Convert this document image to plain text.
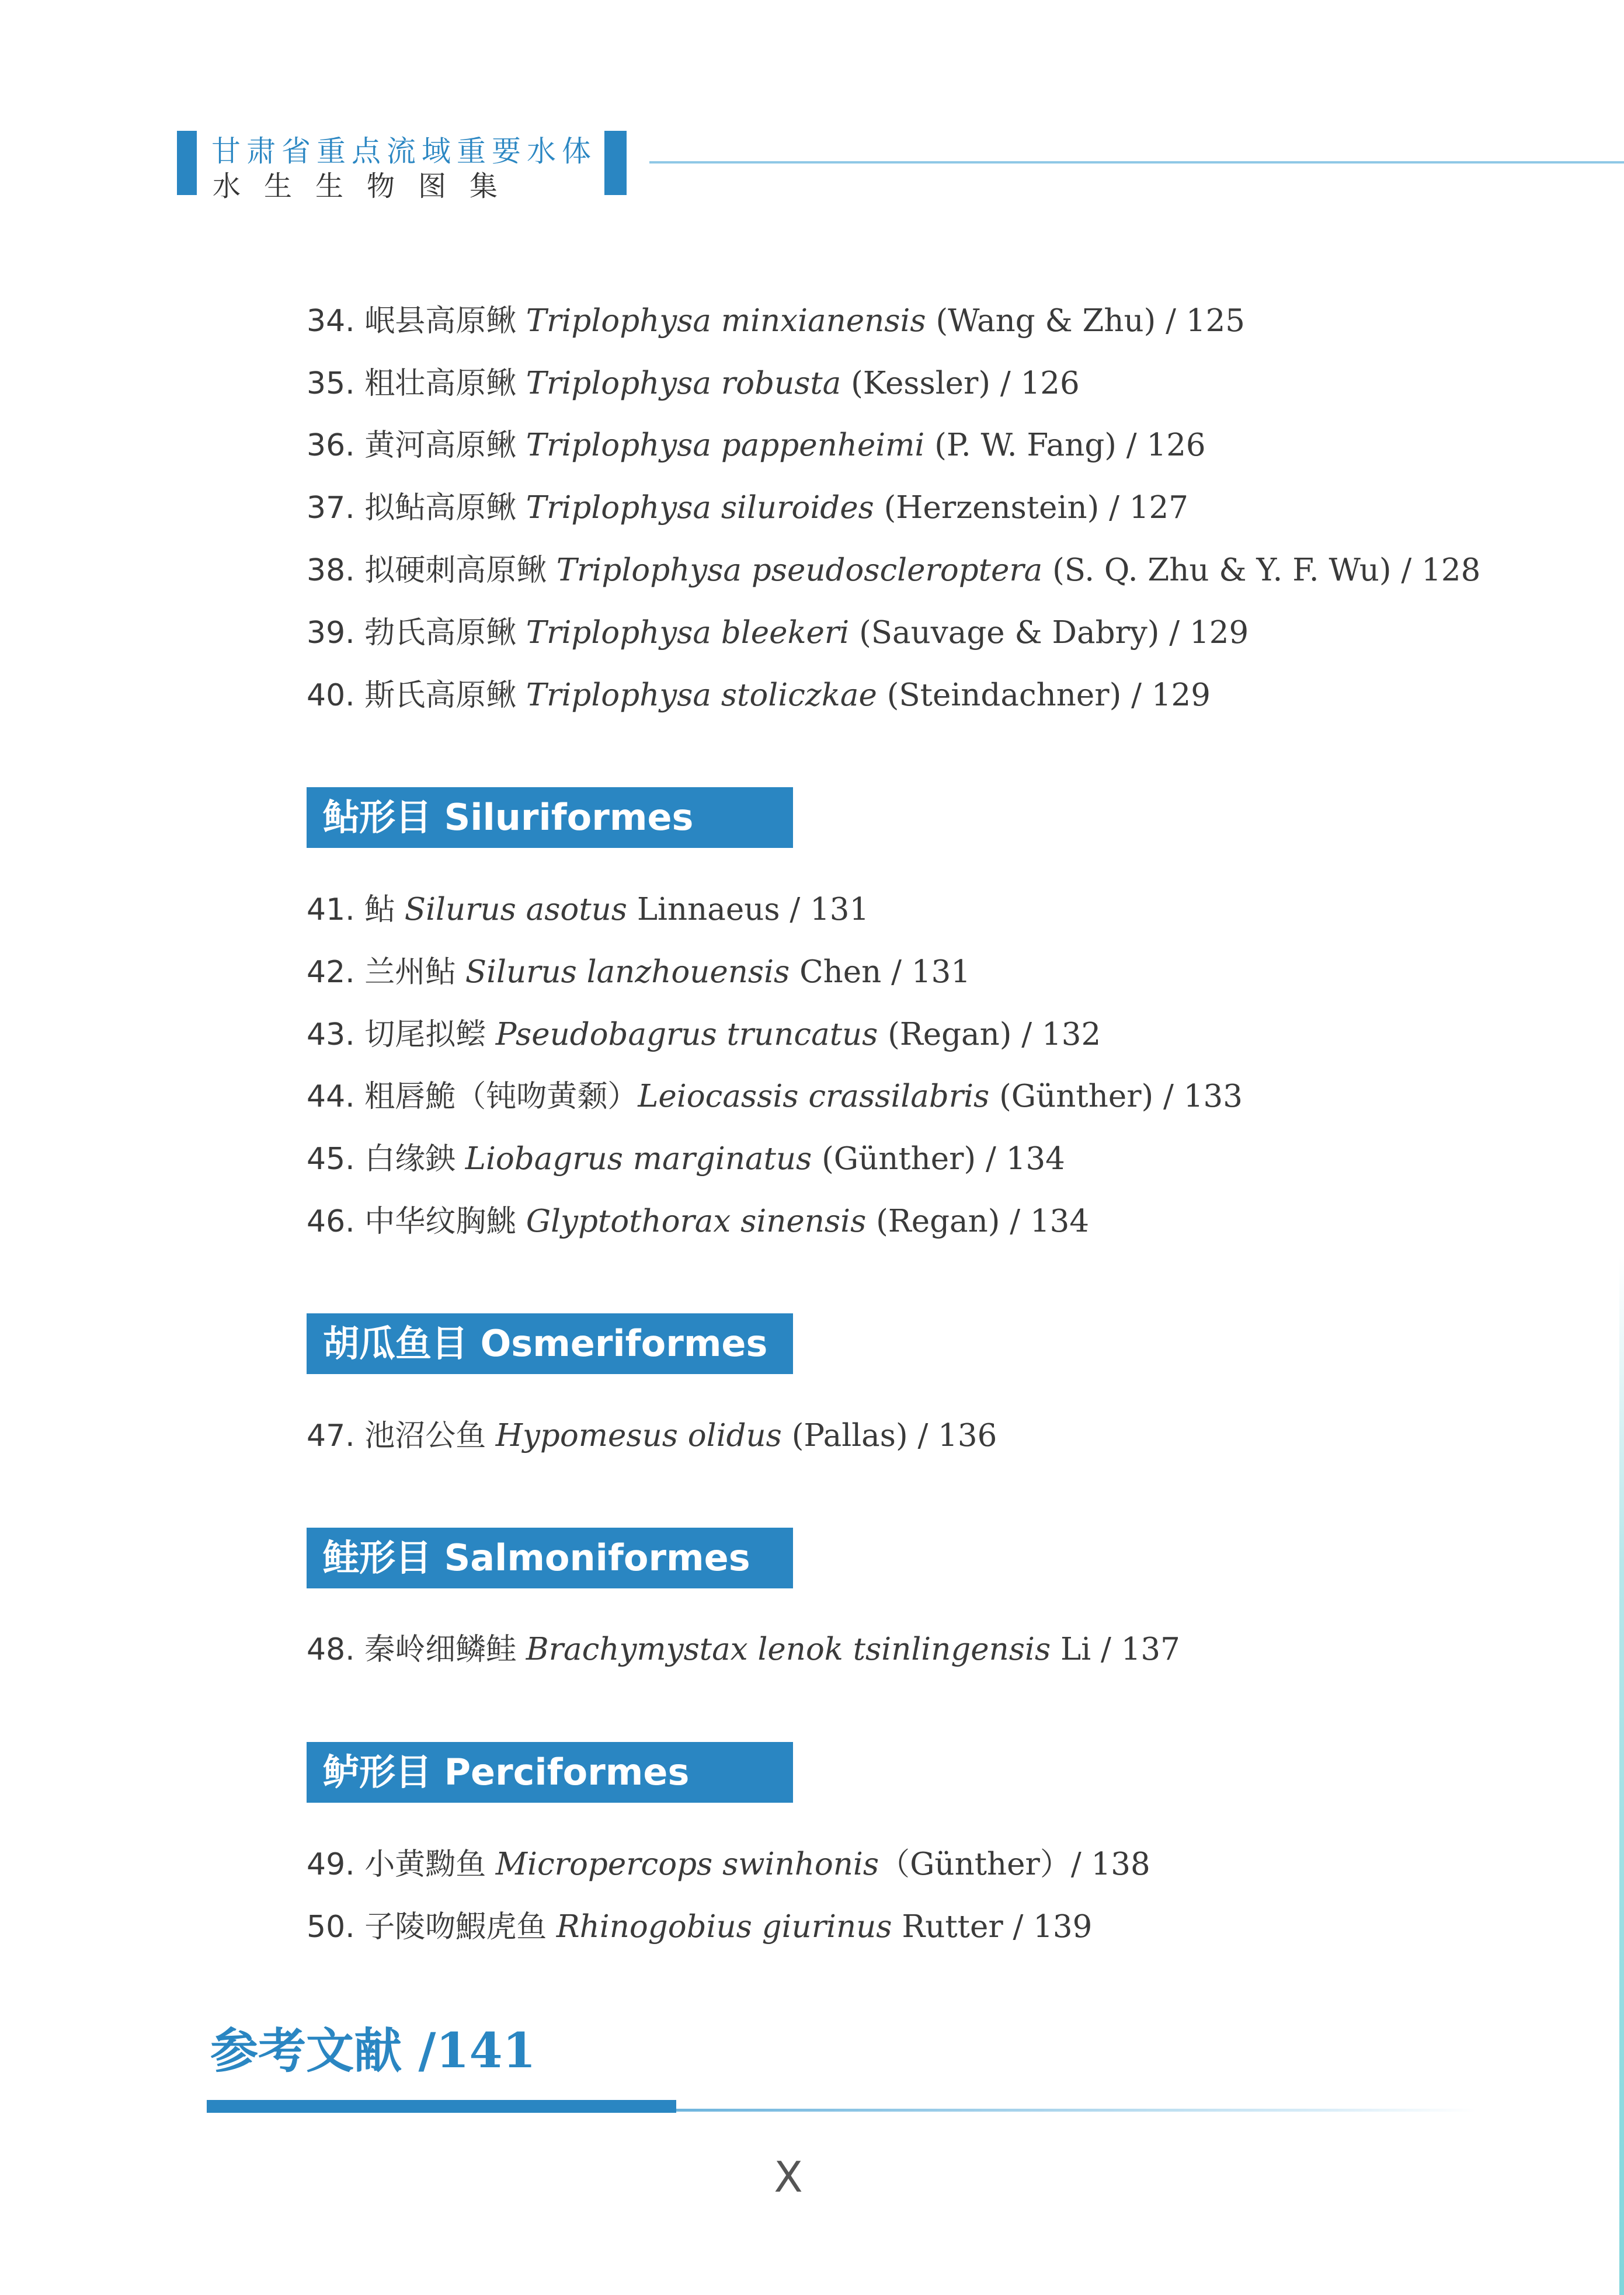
甘肃省重点流域重要水体
水生生物图集
34. 岷县高原鳅 Triplophysa minxianensis (Wang & Zhu) / 125
35. 粗壮高原鳅 Triplophysa robusta (Kessler) / 126
36. 黄河高原鳅 Triplophysa pappenheimi (P. W. Fang) / 126
37. 拟鲇高原鳅 Triplophysa siluroides (Herzenstein) / 127
38. 拟硬刺高原鳅 Triplophysa pseudoscleroptera (S. Q. Zhu & Y. F. Wu) / 128
39. 勃氏高原鳅 Triplophysa bleekeri (Sauvage & Dabry) / 129
40. 斯氏高原鳅 Triplophysa stoliczkae (Steindachner) / 129
鲇形目 Siluriformes
41. 鲇 Silurus asotus Linnaeus / 131
42. 兰州鲇 Silurus lanzhouensis Chen / 131
43. 切尾拟鲿 Pseudobagrus truncatus (Regan) / 132
44. 粗唇鮠（钝吻黄颡）Leiocassis crassilabris (Günther) / 133
45. 白缘鉠 Liobagrus marginatus (Günther) / 134
46. 中华纹胸鮡 Glyptothorax sinensis (Regan) / 134
胡瓜鱼目 Osmeriformes
47. 池沼公鱼 Hypomesus olidus (Pallas) / 136
鲑形目 Salmoniformes
48. 秦岭细鳞鲑 Brachymystax lenok tsinlingensis Li / 137
鲈形目 Perciformes
49. 小黄黝鱼 Micropercops swinhonis（Günther）/ 138
50. 子陵吻鰕虎鱼 Rhinogobius giurinus Rutter / 139
参考文献 /141
X
